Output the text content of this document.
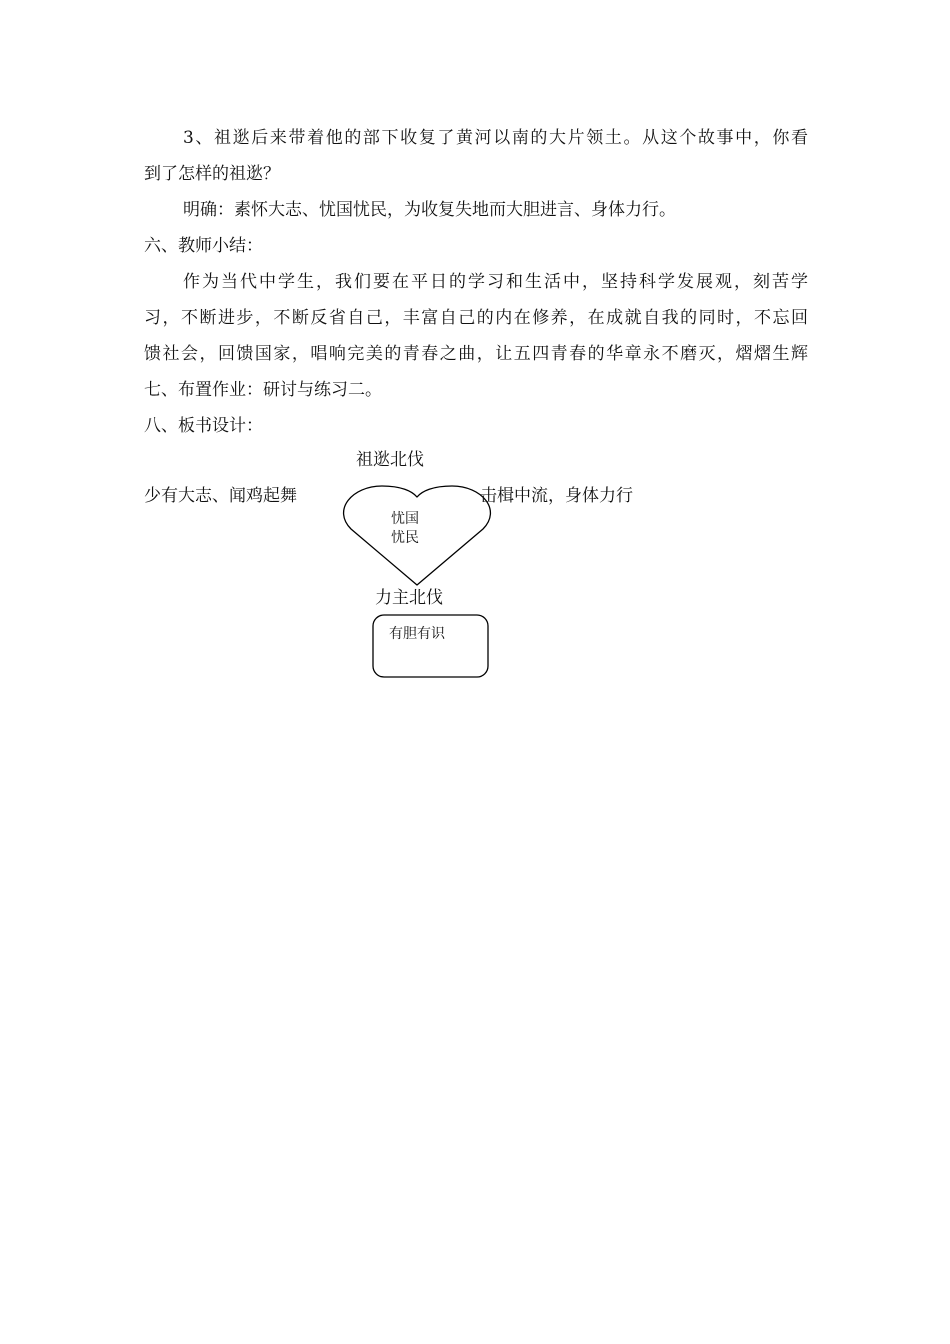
3、祖逖后来带着他的部下收复了黄河以南的大片领土。从这个故事中，你看
到了怎样的祖逖？
明确：素怀大志、忧国忧民，为收复失地而大胆进言、身体力行。
六、教师小结：
作为当代中学生，我们要在平日的学习和生活中，坚持科学发展观，刻苦学
习，不断进步，不断反省自己，丰富自己的内在修养，在成就自我的同时，不忘回
馈社会，回馈国家，唱响完美的青春之曲，让五四青春的华章永不磨灭，熠熠生辉
七、布置作业：研讨与练习二。
八、板书设计：
祖逖北伐
少有大志、闻鸡起舞	击楫中流，身体力行
忧国
忧民
力主北伐
有胆有识
